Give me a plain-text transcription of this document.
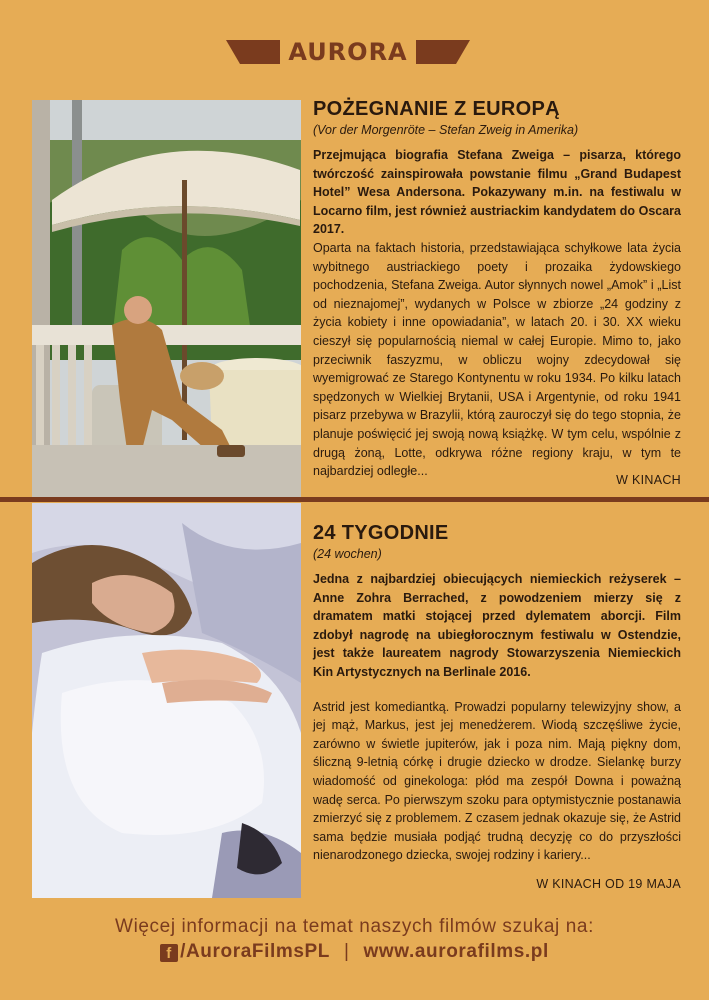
AURORA
POŻEGNANIE Z EUROPĄ
(Vor der Morgenröte – Stefan Zweig in Amerika)

Przejmująca biografia Stefana Zweiga – pisarza, którego twórczość zainspirowała powstanie filmu „Grand Budapest Hotel” Wesa Andersona. Pokazywany m.in. na festiwalu w Locarno film, jest również austriackim kandydatem do Oscara 2017.

Oparta na faktach historia, przedstawiająca schyłkowe lata życia wybitnego austriackiego poety i prozaika żydowskiego pochodzenia, Stefana Zweiga. Autor słynnych nowel „Amok” i „List od nieznajomej”, wydanych w Polsce w zbiorze „24 godziny z życia kobiety i inne opowiadania”, w latach 20. i 30. XX wieku cieszył się popularnością niemal w całej Europie. Mimo to, jako przeciwnik faszyzmu, w obliczu wojny zdecydował się wyemigrować ze Starego Kontynentu w roku 1934. Po kilku latach spędzonych w Wielkiej Brytanii, USA i Argentynie, od roku 1941 pisarz przebywa w Brazylii, którą zauroczył się do tego stopnia, że planuje poświęcić jej swoją nową książkę. W tym celu, wspólnie z drugą żoną, Lotte, odkrywa różne regiony kraju, w tym te najbardziej odległe...

W KINACH
24 TYGODNIE
(24 wochen)

Jedna z najbardziej obiecujących niemieckich reżyserek – Anne Zohra Berrached, z powodzeniem mierzy się z dramatem matki stojącej przed dylematem aborcji. Film zdobył nagrodę na ubiegłorocznym festiwalu w Ostendzie, jest także laureatem nagrody Stowarzyszenia Niemieckich Kin Artystycznych na Berlinale 2016.

Astrid jest komediantką. Prowadzi popularny telewizyjny show, a jej mąż, Markus, jest jej menedżerem. Wiodą szczęśliwe życie, zarówno w świetle jupiterów, jak i poza nim. Mają piękny dom, śliczną 9-letnią córkę i drugie dziecko w drodze. Sielankę burzy wiadomość od ginekologa: płód ma zespół Downa i poważną wadę serca. Po pierwszym szoku para optymistycznie postanawia zmierzyć się z problemem. Z czasem jednak okazuje się, że Astrid sama będzie musiała podjąć trudną decyzję co do przyszłości nienarodzonego dziecka, swojej rodziny i kariery...

W KINACH OD 19 MAJA
Więcej informacji na temat naszych filmów szukaj na:
f /AuroraFilmsPL | www.aurorafilms.pl
